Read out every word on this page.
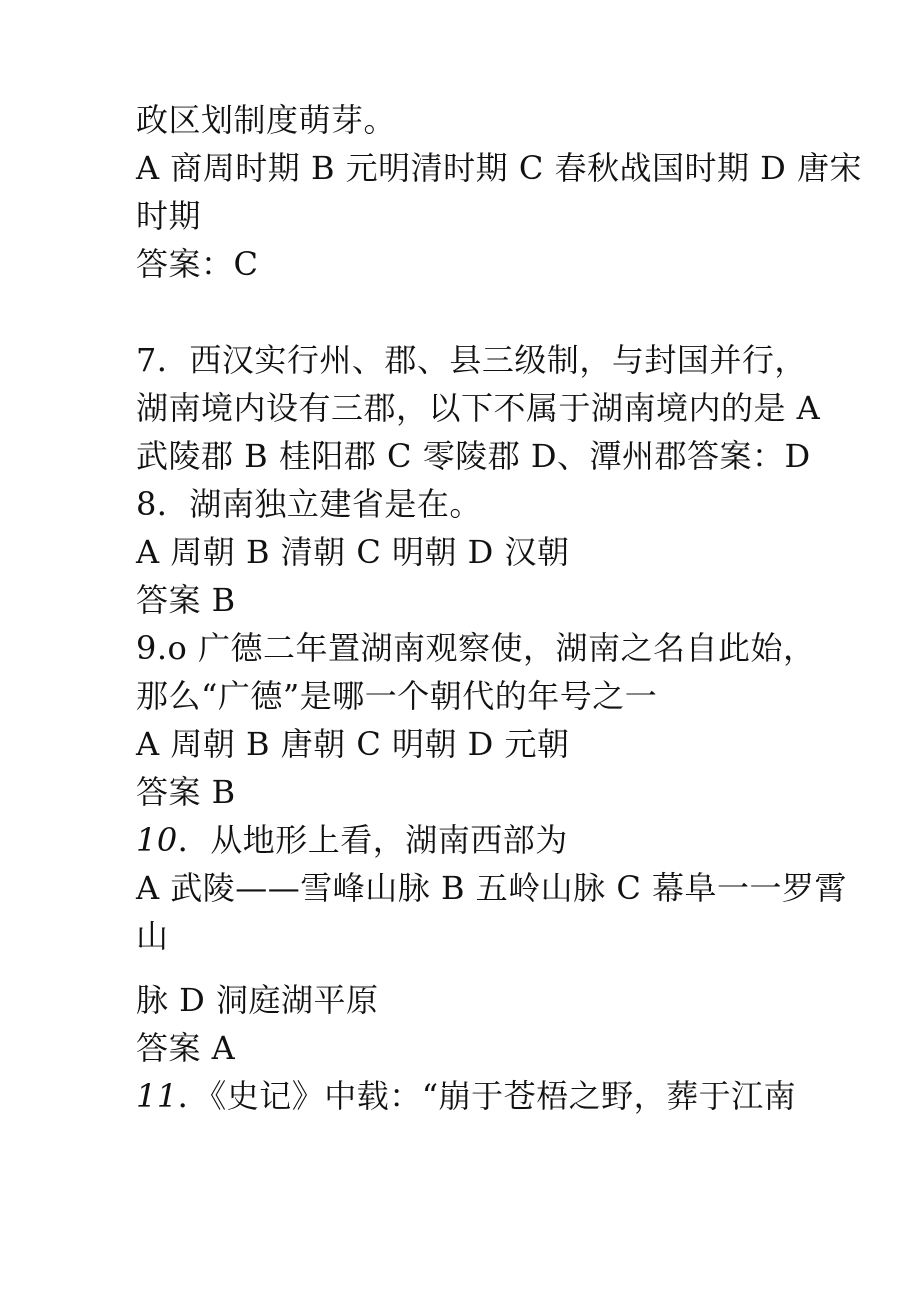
政区划制度萌芽。
A 商周时期 B 元明清时期 C 春秋战国时期 D 唐宋
时期
答案：C
7．西汉实行州、郡、县三级制，与封国并行，
湖南境内设有三郡，以下不属于湖南境内的是 A
武陵郡 B 桂阳郡 C 零陵郡 D、潭州郡答案：D
8．湖南独立建省是在。
A 周朝 B 清朝 C 明朝 D 汉朝
答案 B
9.o 广德二年置湖南观察使，湖南之名自此始，
那么“广德”是哪一个朝代的年号之一
A 周朝 B 唐朝 C 明朝 D 元朝
答案 B
10．从地形上看，湖南西部为
A 武陵——雪峰山脉 B 五岭山脉 C 幕阜一一罗霄
山
脉 D 洞庭湖平原
答案 A
11．《史记》中载：“崩于苍梧之野，葬于江南
